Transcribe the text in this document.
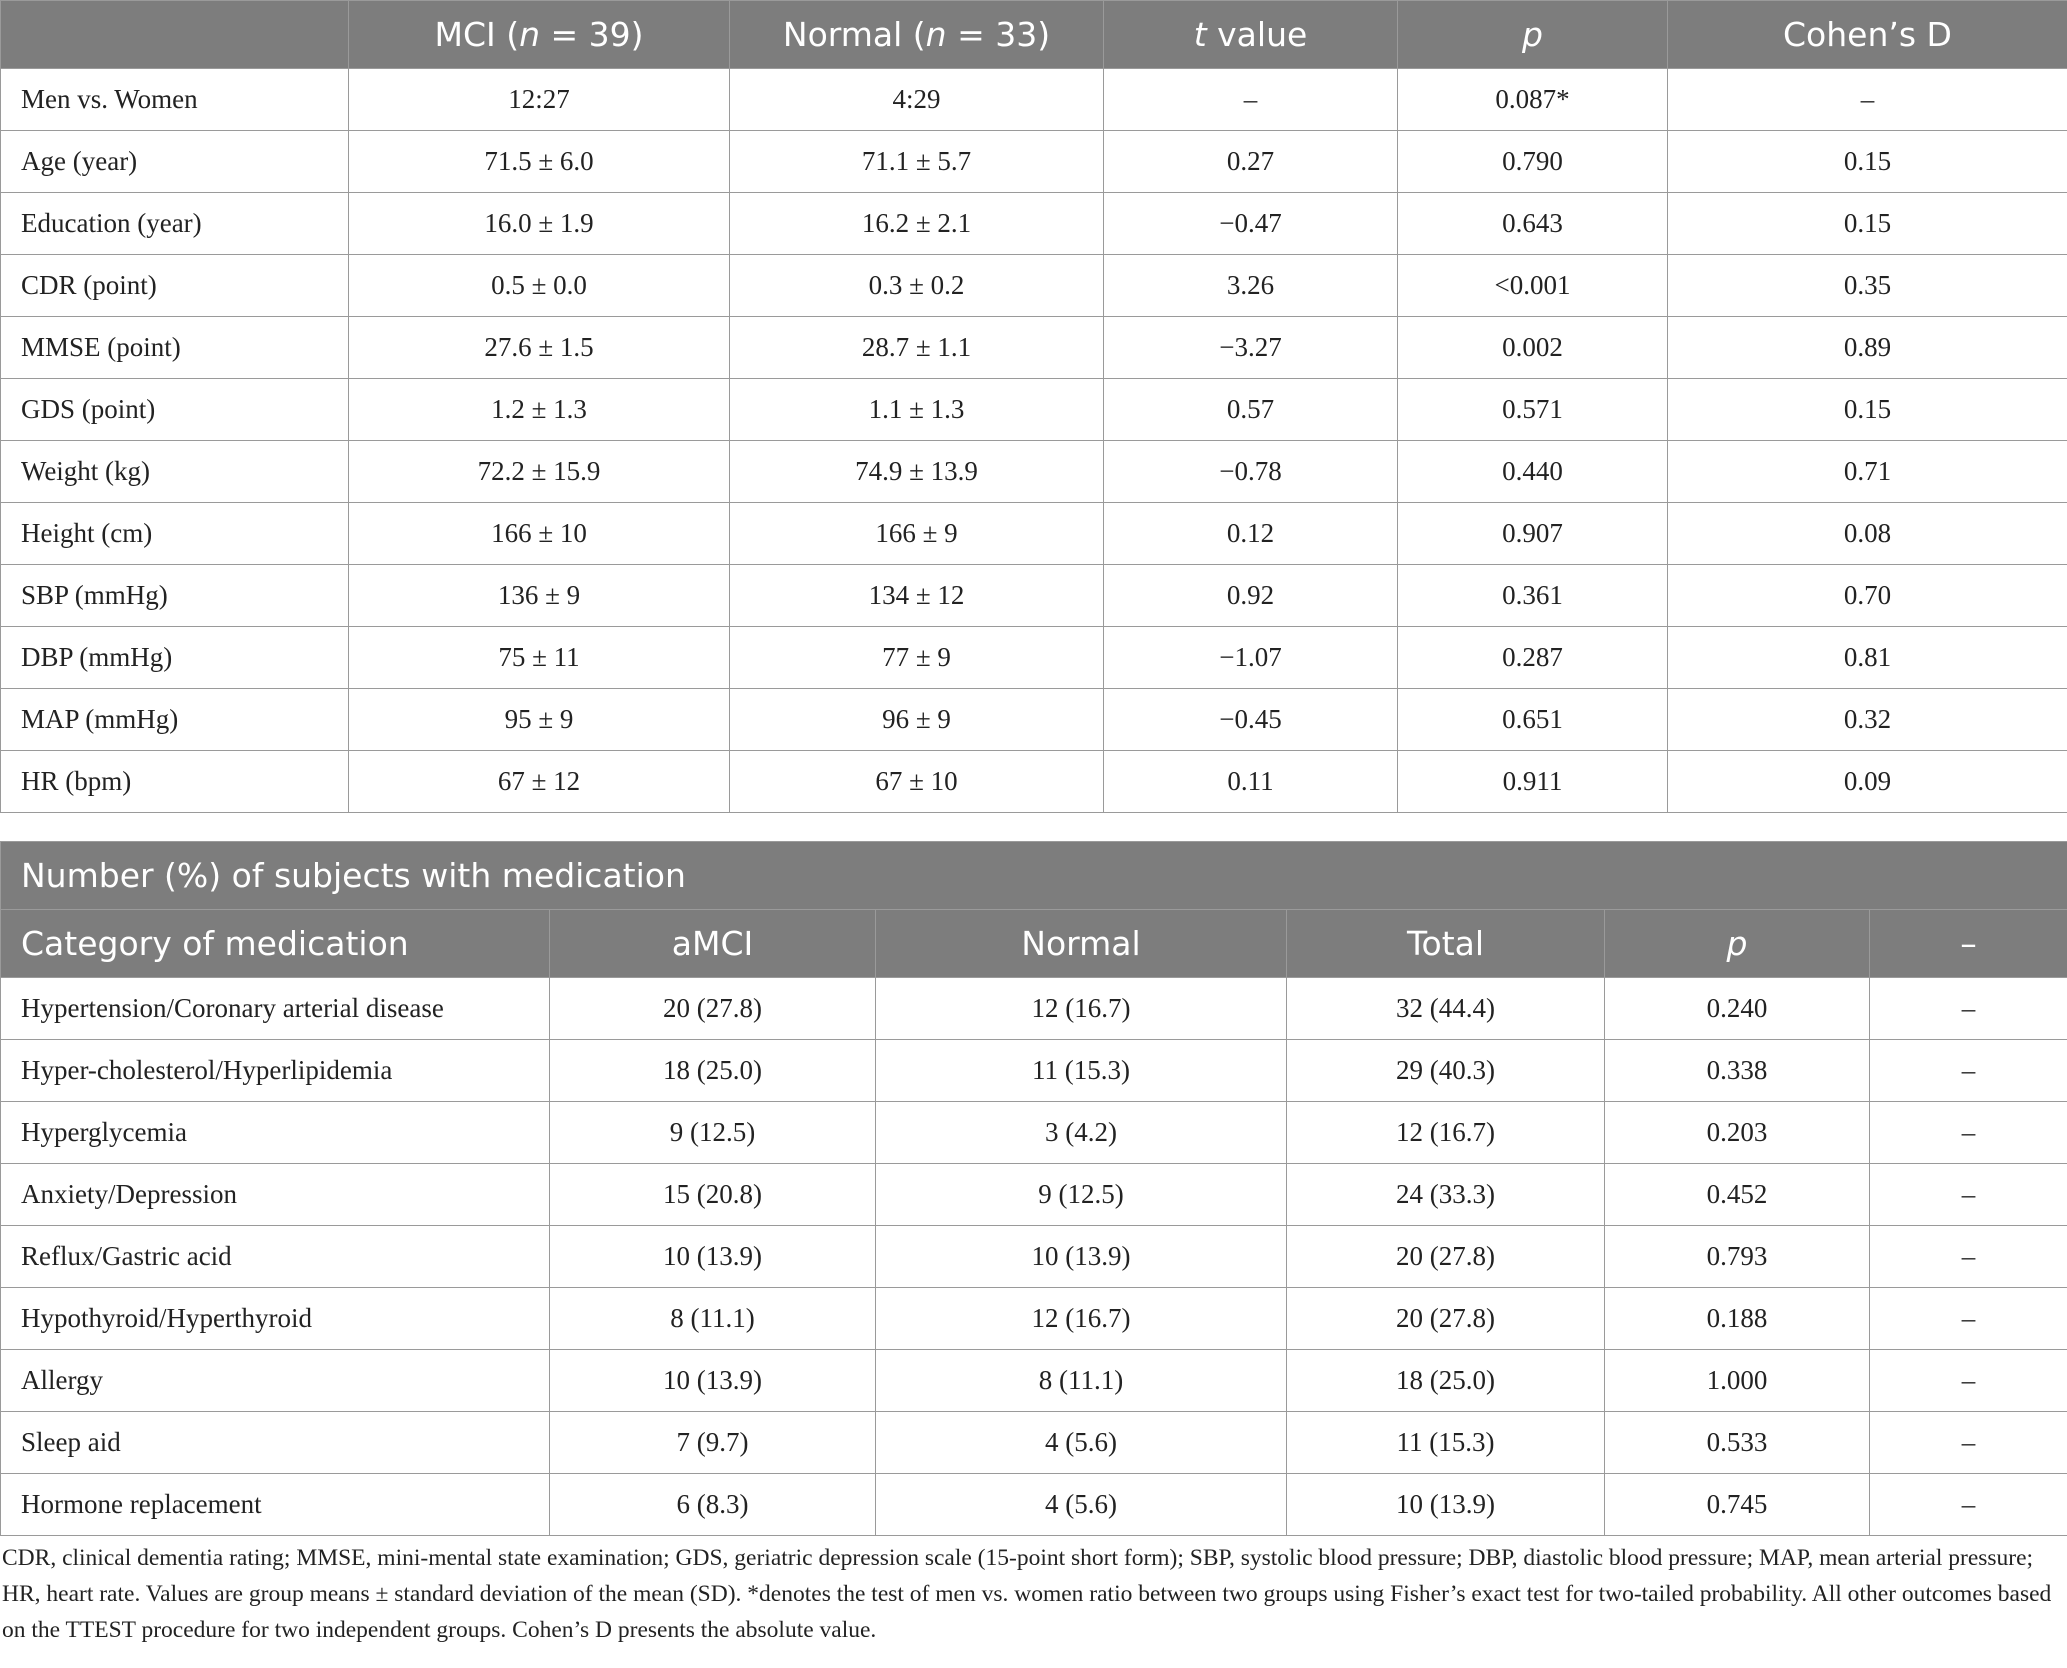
	MCI (n = 39)	Normal (n = 33)	t value	p	Cohen’s D
Men vs. Women	12:27	4:29	–	0.087*	–
Age (year)	71.5 ± 6.0	71.1 ± 5.7	0.27	0.790	0.15
Education (year)	16.0 ± 1.9	16.2 ± 2.1	−0.47	0.643	0.15
CDR (point)	0.5 ± 0.0	0.3 ± 0.2	3.26	<0.001	0.35
MMSE (point)	27.6 ± 1.5	28.7 ± 1.1	−3.27	0.002	0.89
GDS (point)	1.2 ± 1.3	1.1 ± 1.3	0.57	0.571	0.15
Weight (kg)	72.2 ± 15.9	74.9 ± 13.9	−0.78	0.440	0.71
Height (cm)	166 ± 10	166 ± 9	0.12	0.907	0.08
SBP (mmHg)	136 ± 9	134 ± 12	0.92	0.361	0.70
DBP (mmHg)	75 ± 11	77 ± 9	−1.07	0.287	0.81
MAP (mmHg)	95 ± 9	96 ± 9	−0.45	0.651	0.32
HR (bpm)	67 ± 12	67 ± 10	0.11	0.911	0.09
Number (%) of subjects with medication					
Category of medication	aMCI	Normal	Total	p	–
Hypertension/Coronary arterial disease	20 (27.8)	12 (16.7)	32 (44.4)	0.240	–
Hyper-cholesterol/Hyperlipidemia	18 (25.0)	11 (15.3)	29 (40.3)	0.338	–
Hyperglycemia	9 (12.5)	3 (4.2)	12 (16.7)	0.203	–
Anxiety/Depression	15 (20.8)	9 (12.5)	24 (33.3)	0.452	–
Reflux/Gastric acid	10 (13.9)	10 (13.9)	20 (27.8)	0.793	–
Hypothyroid/Hyperthyroid	8 (11.1)	12 (16.7)	20 (27.8)	0.188	–
Allergy	10 (13.9)	8 (11.1)	18 (25.0)	1.000	–
Sleep aid	7 (9.7)	4 (5.6)	11 (15.3)	0.533	–
Hormone replacement	6 (8.3)	4 (5.6)	10 (13.9)	0.745	–
CDR, clinical dementia rating; MMSE, mini-mental state examination; GDS, geriatric depression scale (15-point short form); SBP, systolic blood pressure; DBP, diastolic blood pressure; MAP, mean arterial pressure; HR, heart rate. Values are group means ± standard deviation of the mean (SD). *denotes the test of men vs. women ratio between two groups using Fisher’s exact test for two-tailed probability. All other outcomes based on the TTEST procedure for two independent groups. Cohen’s D presents the absolute value.
